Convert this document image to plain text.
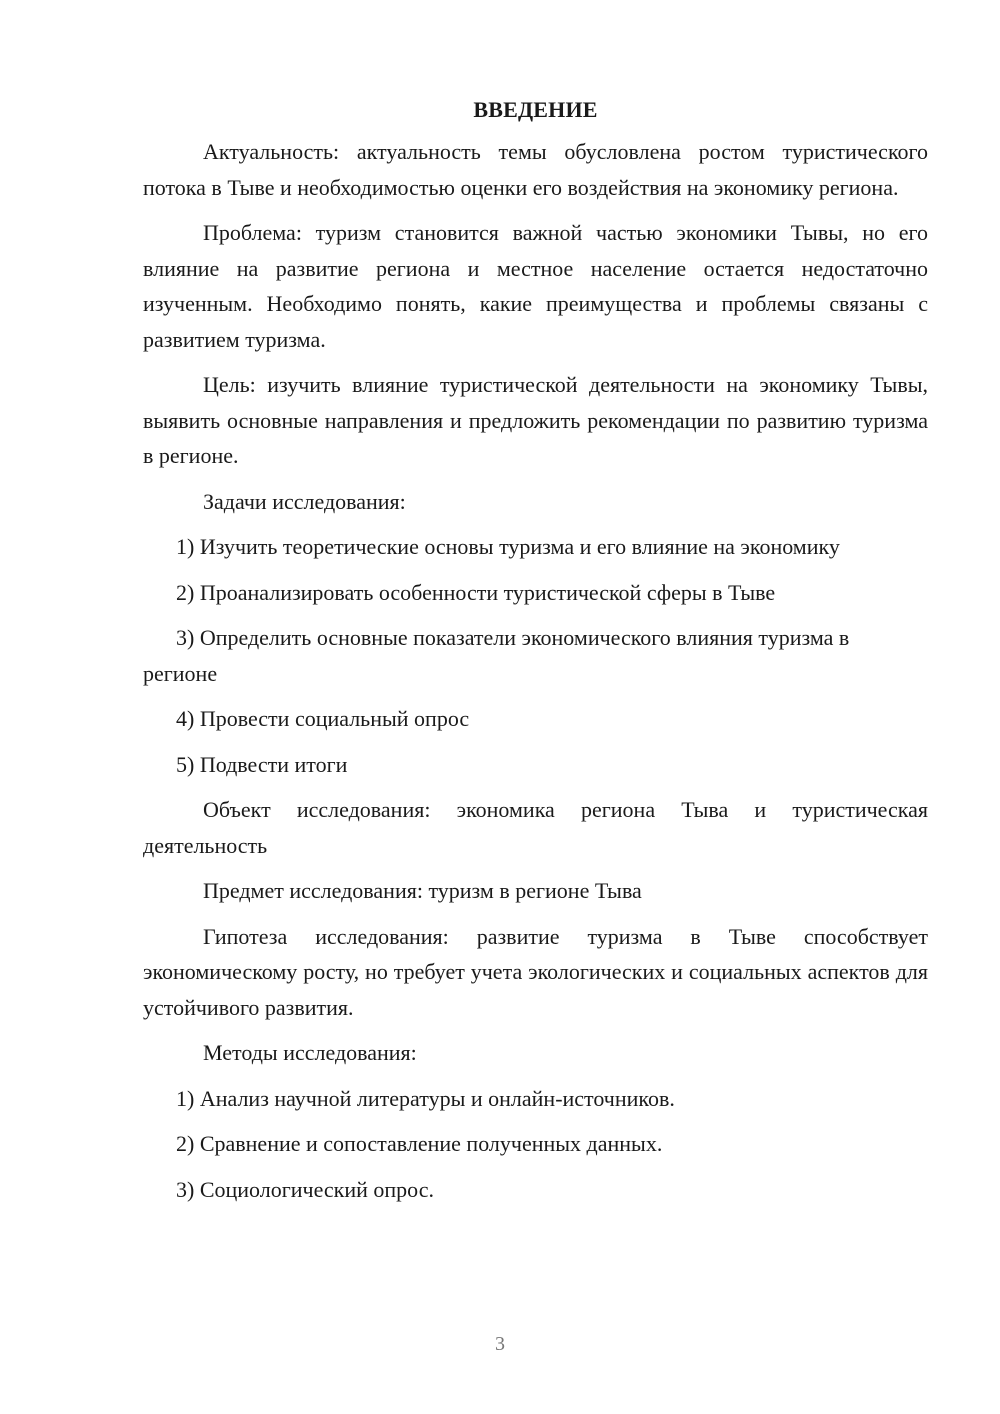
ВВЕДЕНИЕ
Актуальность: актуальность темы обусловлена ростом туристического потока в Тыве и необходимостью оценки его воздействия на экономику региона.
Проблема: туризм становится важной частью экономики Тывы, но его влияние на развитие региона и местное население остается недостаточно изученным. Необходимо понять, какие преимущества и проблемы связаны с развитием туризма.
Цель: изучить влияние туристической деятельности на экономику Тывы, выявить основные направления и предложить рекомендации по развитию туризма в регионе.
Задачи исследования:
1) Изучить теоретические основы туризма и его влияние на экономику
2) Проанализировать особенности туристической сферы в Тыве
3) Определить основные показатели экономического влияния туризма в регионе
4) Провести социальный опрос
5) Подвести итоги
Объект исследования: экономика региона Тыва и туристическая деятельность
Предмет исследования: туризм в регионе Тыва
Гипотеза исследования: развитие туризма в Тыве способствует экономическому росту, но требует учета экологических и социальных аспектов для устойчивого развития.
Методы исследования:
1) Анализ научной литературы и онлайн-источников.
2) Сравнение и сопоставление полученных данных.
3) Социологический опрос.
3
